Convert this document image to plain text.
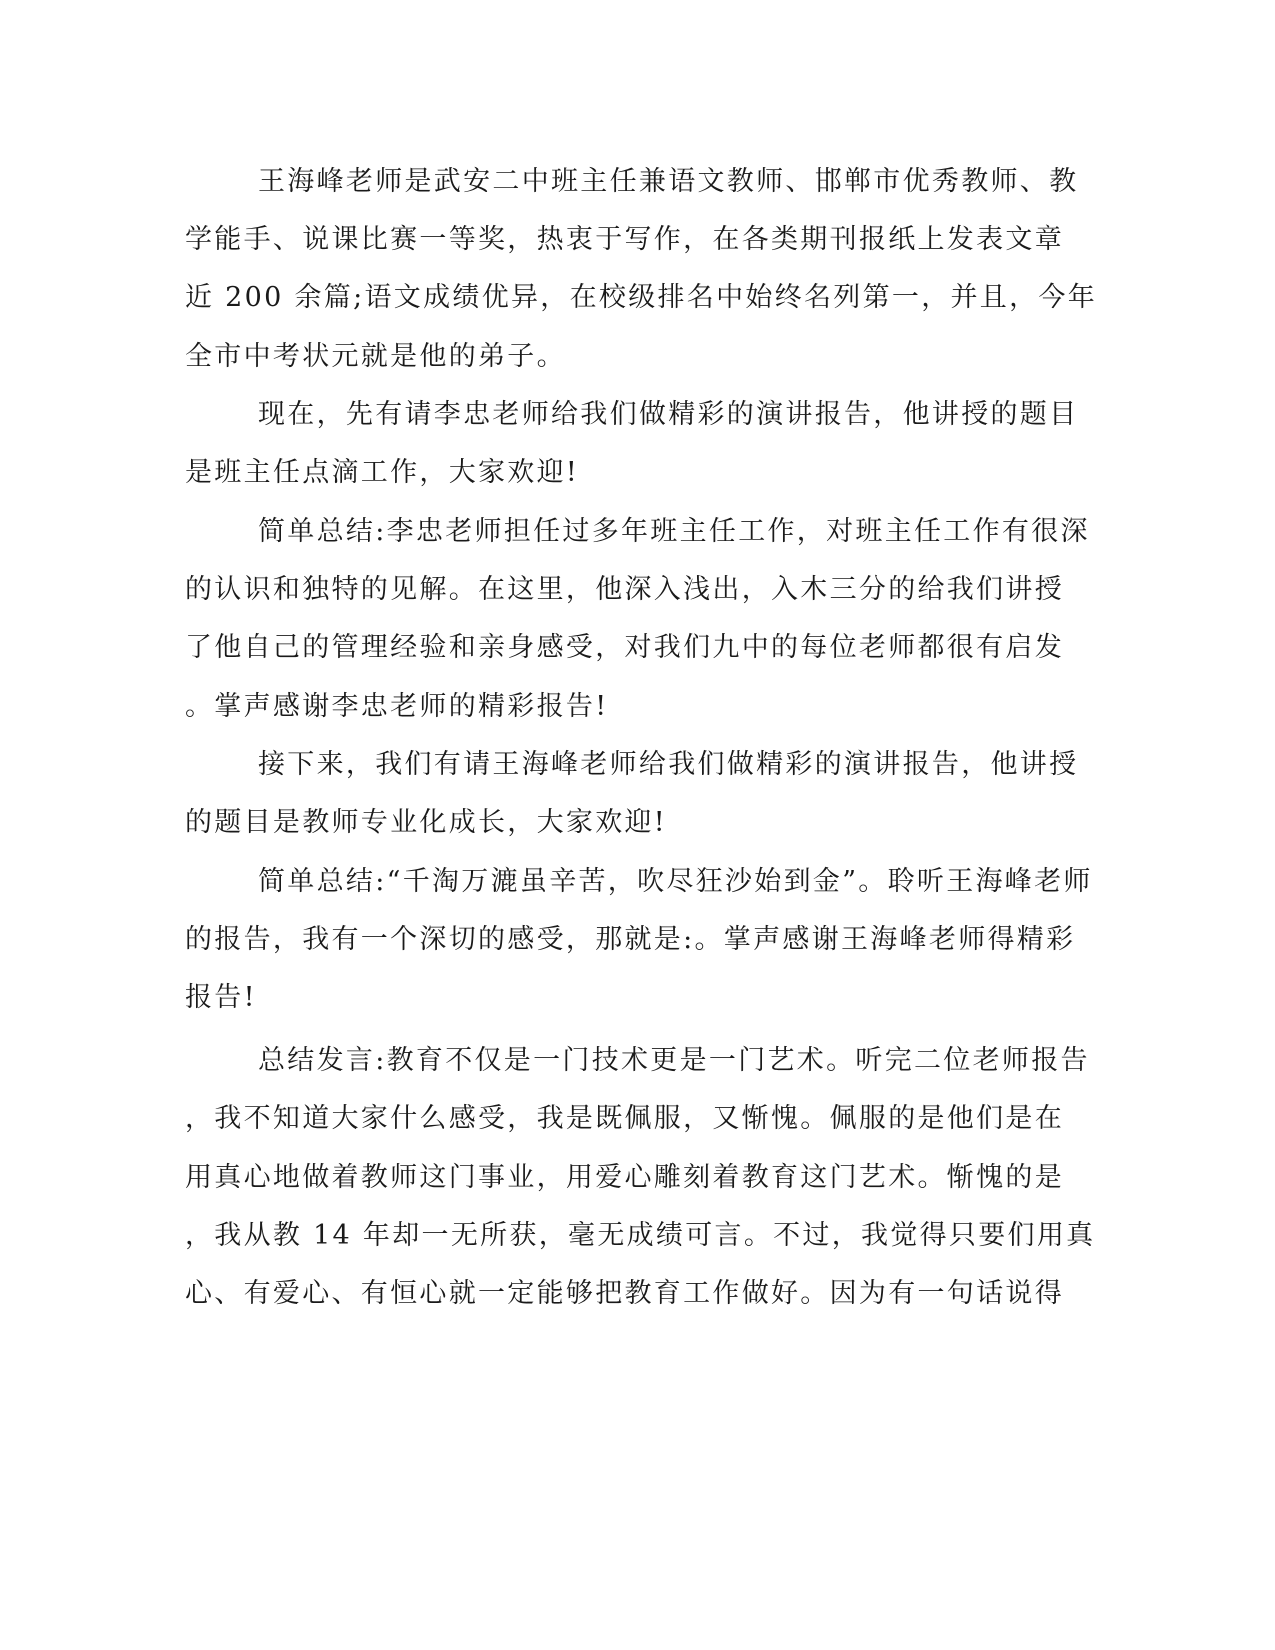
王海峰老师是武安二中班主任兼语文教师、邯郸市优秀教师、教
学能手、说课比赛一等奖，热衷于写作，在各类期刊报纸上发表文章
近 200 余篇;语文成绩优异，在校级排名中始终名列第一，并且，今年
全市中考状元就是他的弟子。
现在，先有请李忠老师给我们做精彩的演讲报告，他讲授的题目
是班主任点滴工作，大家欢迎!
简单总结:李忠老师担任过多年班主任工作，对班主任工作有很深
的认识和独特的见解。在这里，他深入浅出，入木三分的给我们讲授
了他自己的管理经验和亲身感受，对我们九中的每位老师都很有启发
。掌声感谢李忠老师的精彩报告!
接下来，我们有请王海峰老师给我们做精彩的演讲报告，他讲授
的题目是教师专业化成长，大家欢迎!
简单总结:“千淘万漉虽辛苦，吹尽狂沙始到金”。聆听王海峰老师
的报告，我有一个深切的感受，那就是:。掌声感谢王海峰老师得精彩
报告!
总结发言:教育不仅是一门技术更是一门艺术。听完二位老师报告
，我不知道大家什么感受，我是既佩服，又惭愧。佩服的是他们是在
用真心地做着教师这门事业，用爱心雕刻着教育这门艺术。惭愧的是
，我从教 14 年却一无所获，毫无成绩可言。不过，我觉得只要们用真
心、有爱心、有恒心就一定能够把教育工作做好。因为有一句话说得
